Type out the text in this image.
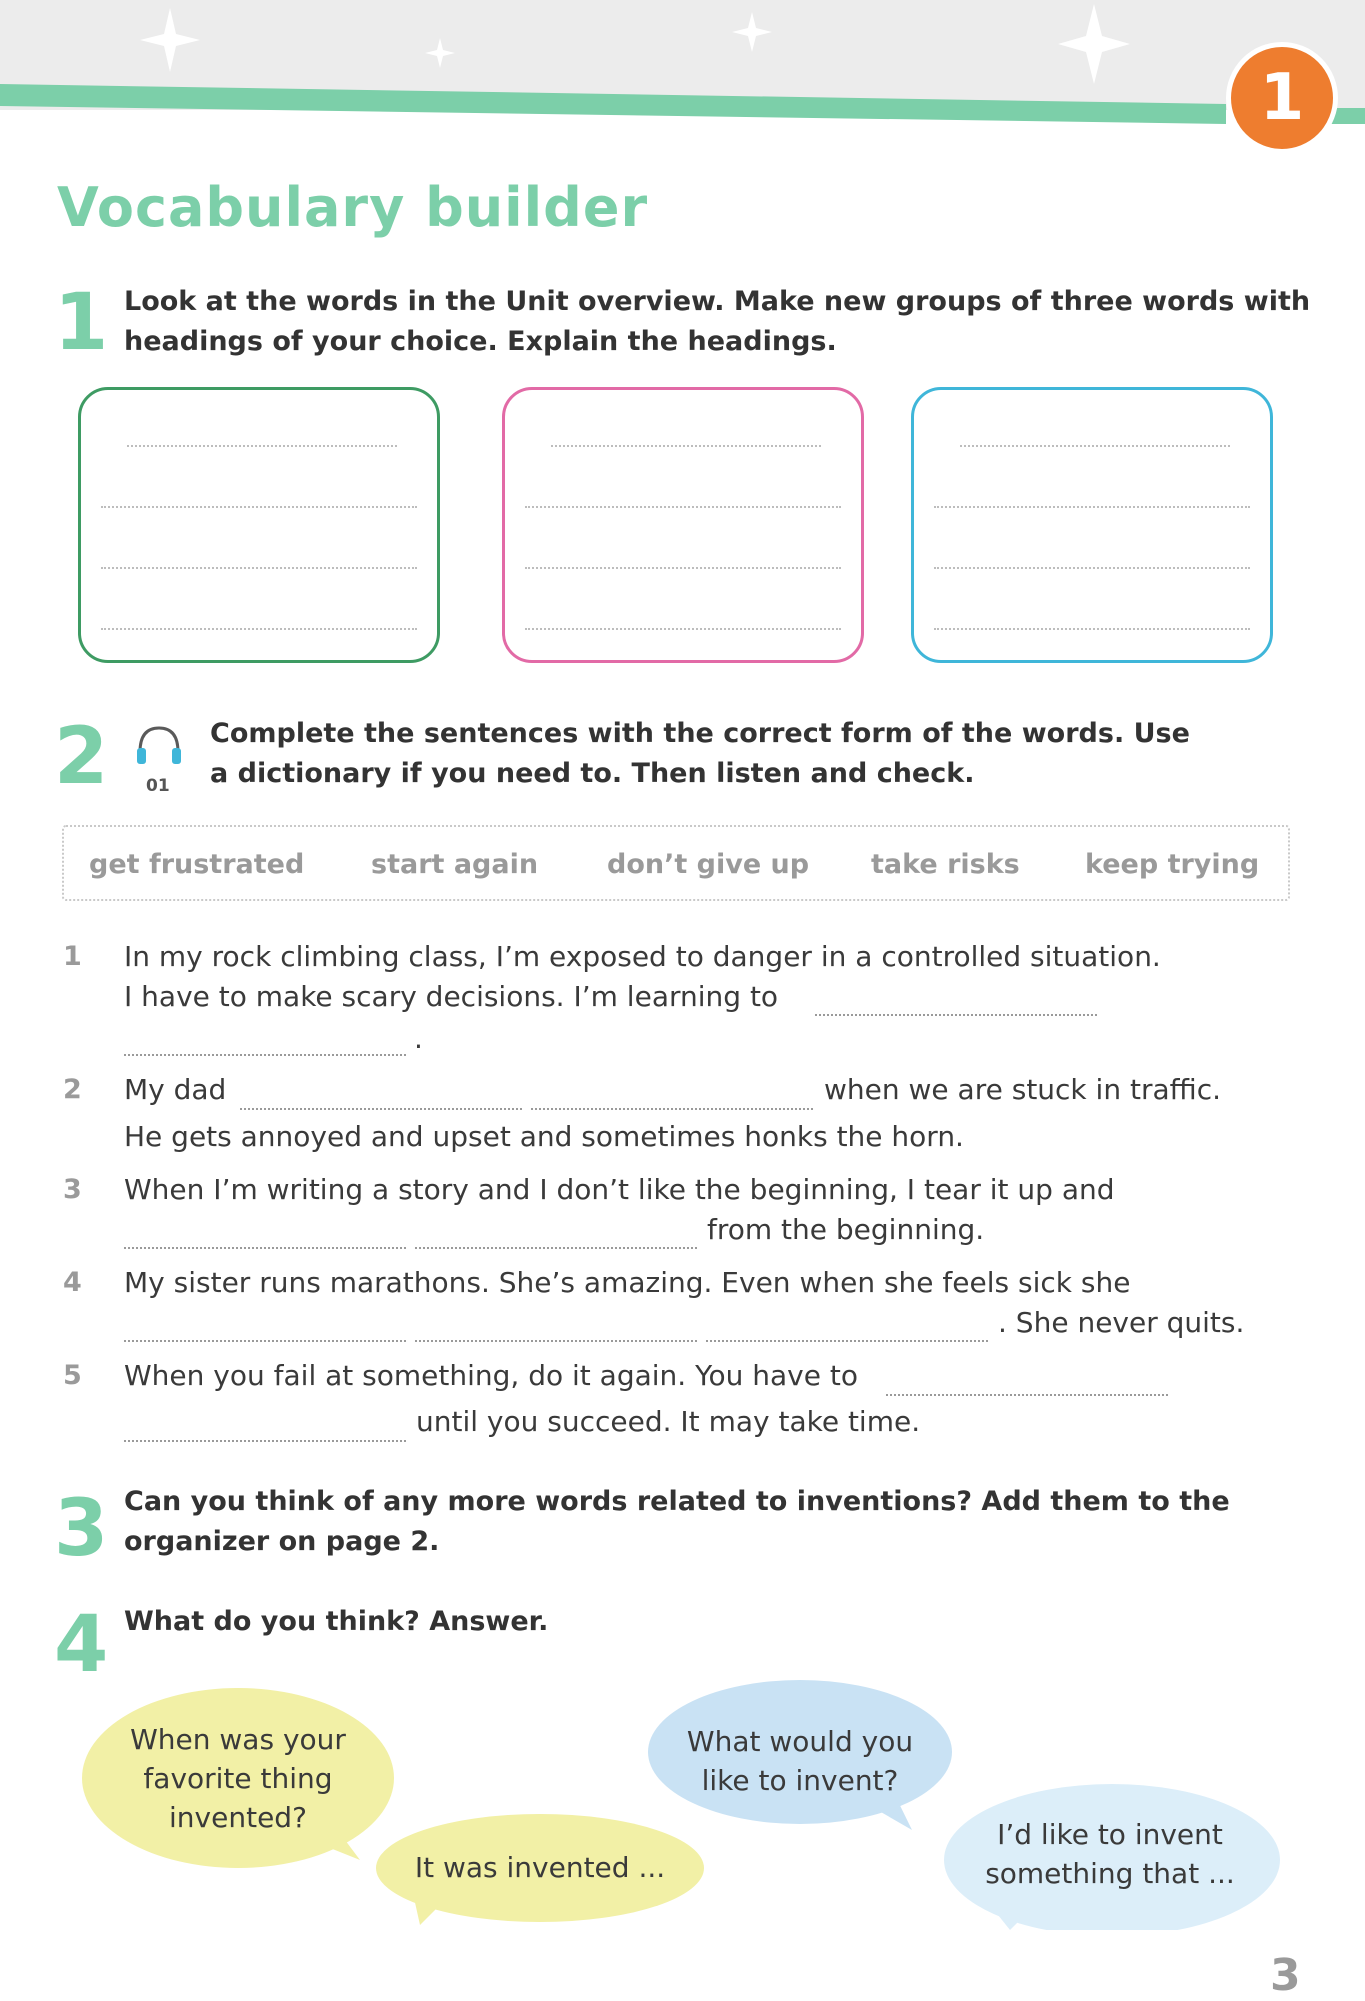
1
Vocabulary builder
1 Look at the words in the Unit overview. Make new groups of three words with
headings of your choice. Explain the headings.
2 01
Complete the sentences with the correct form of the words. Use
a dictionary if you need to. Then listen and check.
get frustrated start again	don’t give up take risks keep trying
1 In my rock climbing class, I’m exposed to danger in a controlled situation.
I have to make scary decisions. I’m learning to
.
2 My dad	when we are stuck in traffic.
He gets annoyed and upset and sometimes honks the horn.
3 When I’m writing a story and I don’t like the beginning, I tear it up and
from the beginning.
4 My sister runs marathons. She’s amazing. Even when she feels sick she
. She never quits.
5 When you fail at something, do it again. You have to
until you succeed. It may take time.
3 Can you think of any more words related to inventions? Add them to the
organizer on page 2.
4 What do you think? Answer.
When was your
favorite thing
invented?
It was invented ...
What would you
like to invent?
I’d like to invent
something that ...
3
